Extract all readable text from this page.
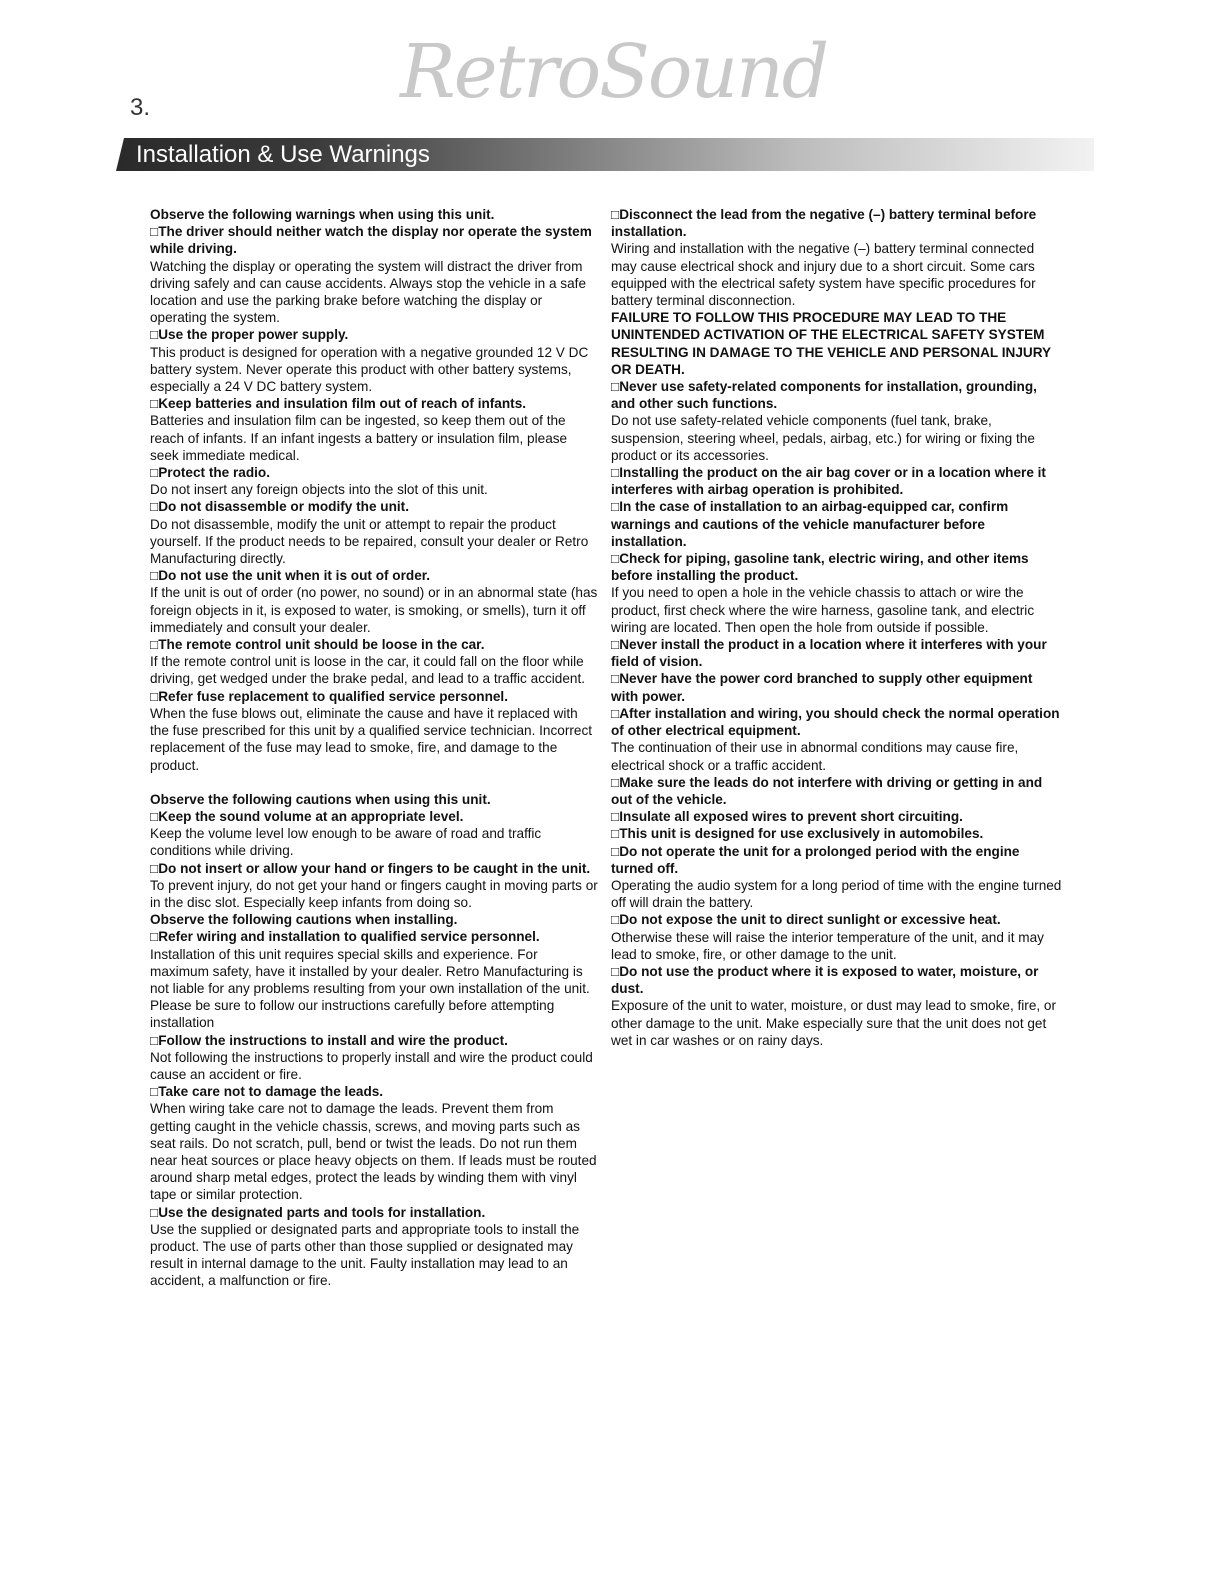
3.	RetroSound
Installation & Use Warnings

Observe the following warnings when using this unit.

□The driver should neither watch the display nor operate the system while driving.

Watching the display or operating the system will distract the driver from driving safely and can cause accidents. Always stop the vehicle in a safe location and use the parking brake before watching the display or operating the system.

□Use the proper power supply.

This product is designed for operation with a negative grounded 12 V DC battery system. Never operate this product with other battery systems, especially a 24 V DC battery system.

□Keep batteries and insulation film out of reach of infants.

Batteries and insulation film can be ingested, so keep them out of the reach of infants. If an infant ingests a battery or insulation film, please seek immediate medical.

□Protect the radio.

Do not insert any foreign objects into the slot of this unit.

□Do not disassemble or modify the unit.

Do not disassemble, modify the unit or attempt to repair the product yourself. If the product needs to be repaired, consult your dealer or Retro Manufacturing directly.

□Do not use the unit when it is out of order.

If the unit is out of order (no power, no sound) or in an abnormal state (has foreign objects in it, is exposed to water, is smoking, or smells), turn it off immediately and consult your dealer.

□The remote control unit should be loose in the car.

If the remote control unit is loose in the car, it could fall on the floor while driving, get wedged under the brake pedal, and lead to a traffic accident.

□Refer fuse replacement to qualified service personnel.

When the fuse blows out, eliminate the cause and have it replaced with the fuse prescribed for this unit by a qualified service technician. Incorrect replacement of the fuse may lead to smoke, fire, and damage to the product.

Observe the following cautions when using this unit.

□Keep the sound volume at an appropriate level.

Keep the volume level low enough to be aware of road and traffic conditions while driving.

□Do not insert or allow your hand or fingers to be caught in the unit.

To prevent injury, do not get your hand or fingers caught in moving parts or in the disc slot. Especially keep infants from doing so.

Observe the following cautions when installing.

□Refer wiring and installation to qualified service personnel.

Installation of this unit requires special skills and experience. For maximum safety, have it installed by your dealer. Retro Manufacturing is not liable for any problems resulting from your own installation of the unit. Please be sure to follow our instructions carefully before attempting installation

□Follow the instructions to install and wire the product.

Not following the instructions to properly install and wire the product could cause an accident or fire.

□Take care not to damage the leads.

When wiring take care not to damage the leads. Prevent them from getting caught in the vehicle chassis, screws, and moving parts such as seat rails. Do not scratch, pull, bend or twist the leads. Do not run them near heat sources or place heavy objects on them. If leads must be routed around sharp metal edges, protect the leads by winding them with vinyl tape or similar protection.

□Use the designated parts and tools for installation.

Use the supplied or designated parts and appropriate tools to install the product. The use of parts other than those supplied or designated may result in internal damage to the unit. Faulty installation may lead to an accident, a malfunction or fire.

□Disconnect the lead from the negative (–) battery terminal before installation.

Wiring and installation with the negative (–) battery terminal connected may cause electrical shock and injury due to a short circuit. Some cars equipped with the electrical safety system have specific procedures for battery terminal disconnection.

FAILURE TO FOLLOW THIS PROCEDURE MAY LEAD TO THE UNINTENDED ACTIVATION OF THE ELECTRICAL SAFETY SYSTEM RESULTING IN DAMAGE TO THE VEHICLE AND PERSONAL INJURY OR DEATH.

□Never use safety-related components for installation, grounding, and other such functions.

Do not use safety-related vehicle components (fuel tank, brake, suspension, steering wheel, pedals, airbag, etc.) for wiring or fixing the product or its accessories.

□Installing the product on the air bag cover or in a location where it interferes with airbag operation is prohibited.

□In the case of installation to an airbag-equipped car, confirm warnings and cautions of the vehicle manufacturer before installation.

□Check for piping, gasoline tank, electric wiring, and other items before installing the product.

If you need to open a hole in the vehicle chassis to attach or wire the product, first check where the wire harness, gasoline tank, and electric wiring are located. Then open the hole from outside if possible.

□Never install the product in a location where it interferes with your field of vision.

□Never have the power cord branched to supply other equipment with power.

□After installation and wiring, you should check the normal operation of other electrical equipment.

The continuation of their use in abnormal conditions may cause fire, electrical shock or a traffic accident.

□Make sure the leads do not interfere with driving or getting in and out of the vehicle.

□Insulate all exposed wires to prevent short circuiting.

□This unit is designed for use exclusively in automobiles.

□Do not operate the unit for a prolonged period with the engine turned off.

Operating the audio system for a long period of time with the engine turned off will drain the battery.

□Do not expose the unit to direct sunlight or excessive heat.

Otherwise these will raise the interior temperature of the unit, and it may lead to smoke, fire, or other damage to the unit.

□Do not use the product where it is exposed to water, moisture, or dust.

Exposure of the unit to water, moisture, or dust may lead to smoke, fire, or other damage to the unit. Make especially sure that the unit does not get wet in car washes or on rainy days.
